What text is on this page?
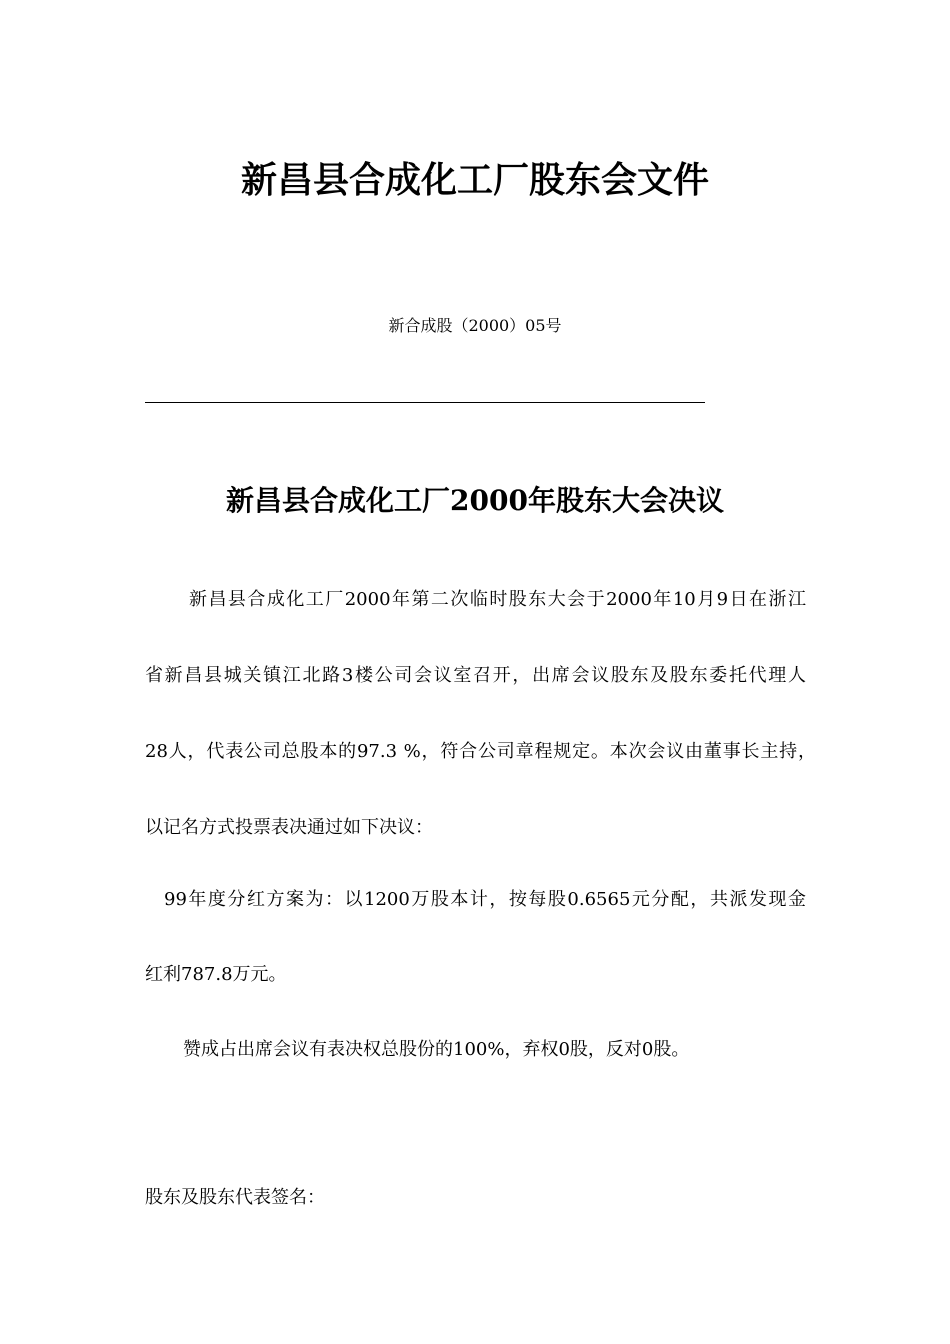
新昌县合成化工厂股东会文件
新合成股（2000）05号
新昌县合成化工厂2000年股东大会决议
新昌县合成化工厂2000年第二次临时股东大会于2000年10月9日在浙江
省新昌县城关镇江北路3楼公司会议室召开，出席会议股东及股东委托代理人
28人，代表公司总股本的97.3 %，符合公司章程规定。本次会议由董事长主持，
以记名方式投票表决通过如下决议：
99年度分红方案为：以1200万股本计，按每股0.6565元分配，共派发现金
红利787.8万元。
赞成占出席会议有表决权总股份的100%，弃权0股，反对0股。
股东及股东代表签名：
